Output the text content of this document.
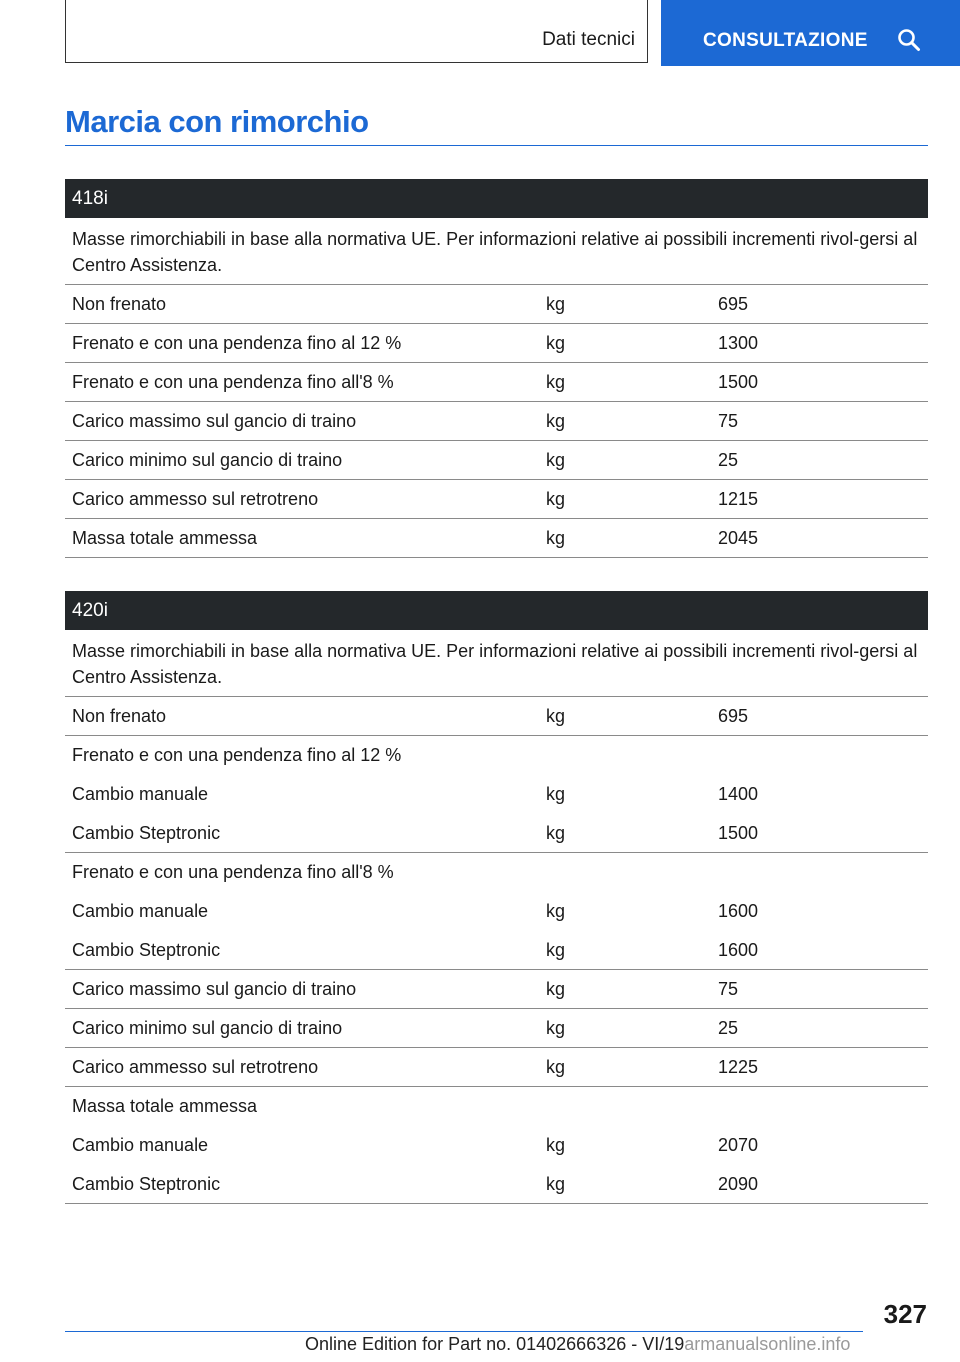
Dati tecnici	CONSULTAZIONE
Marcia con rimorchio
418i
Masse rimorchiabili in base alla normativa UE. Per informazioni relative ai possibili incrementi rivol-gersi al Centro Assistenza.
Non frenato	kg	695
Frenato e con una pendenza fino al 12 %	kg	1300
Frenato e con una pendenza fino all'8 %	kg	1500
Carico massimo sul gancio di traino	kg	75
Carico minimo sul gancio di traino	kg	25
Carico ammesso sul retrotreno	kg	1215
Massa totale ammessa	kg	2045
420i
Masse rimorchiabili in base alla normativa UE. Per informazioni relative ai possibili incrementi rivol-gersi al Centro Assistenza.
Non frenato	kg	695
Frenato e con una pendenza fino al 12 %
Cambio manuale	kg	1400
Cambio Steptronic	kg	1500
Frenato e con una pendenza fino all'8 %
Cambio manuale	kg	1600
Cambio Steptronic	kg	1600
Carico massimo sul gancio di traino	kg	75
Carico minimo sul gancio di traino	kg	25
Carico ammesso sul retrotreno	kg	1225
Massa totale ammessa
Cambio manuale	kg	2070
Cambio Steptronic	kg	2090
327
Online Edition for Part no. 01402666326 - VI/19armanualsonline.info
